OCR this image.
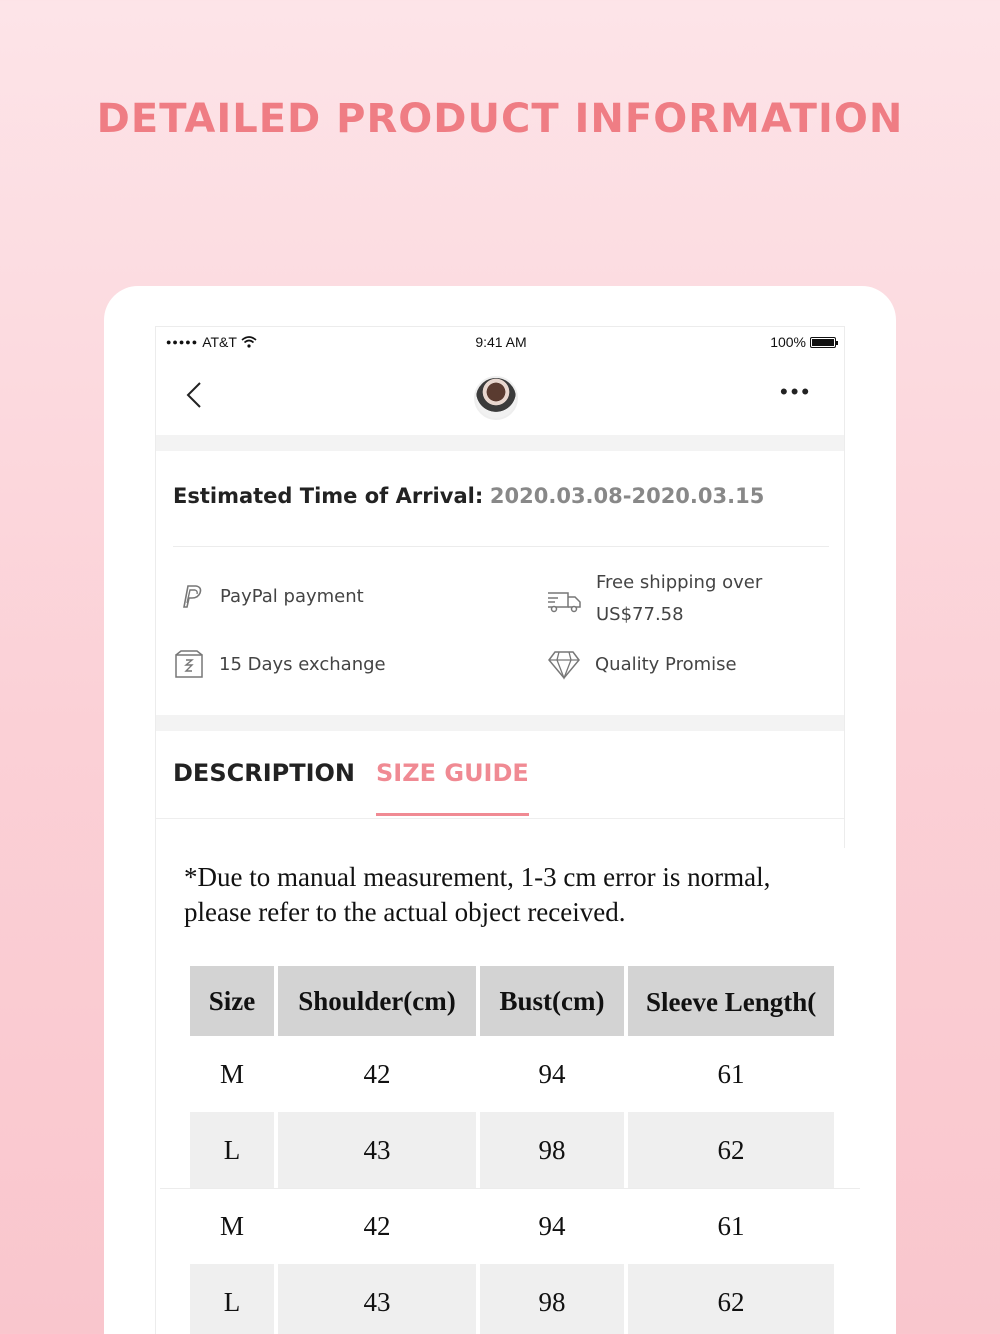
DETAILED PRODUCT INFORMATION
●●●●● AT&T	9:41 AM	100%
•••
Estimated Time of Arrival: 2020.03.08-2020.03.15
PayPal payment
Free shipping over
US$77.58
15 Days exchange	Quality Promise
DESCRIPTION SIZE GUIDE
*Due to manual measurement, 1-3 cm error is normal,
please refer to the actual object received.
Size	Shoulder(cm)	Bust(cm)	Sleeve Length(
M	42	94	61
L	43	98	62
M	42	94	61
L	43	98	62
